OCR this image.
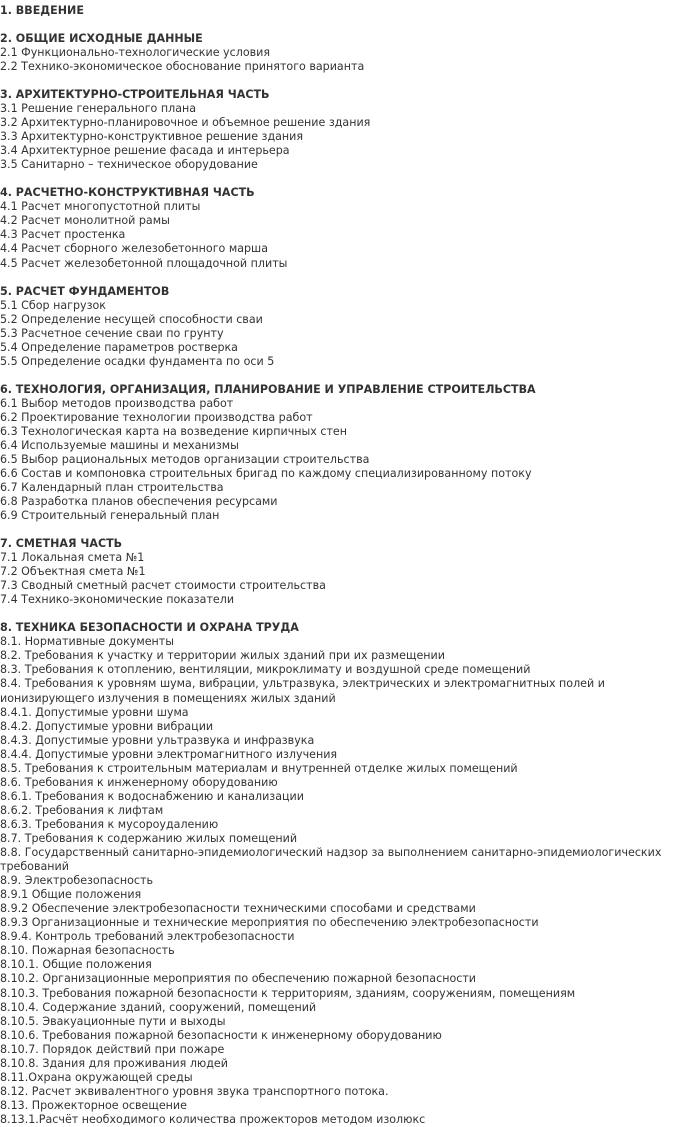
1. ВВЕДЕНИЕ
2. ОБЩИЕ ИСХОДНЫЕ ДАННЫЕ
2.1 Функционально-технологические условия
2.2 Технико-экономическое обоснование принятого варианта
3. АРХИТЕКТУРНО-СТРОИТЕЛЬНАЯ ЧАСТЬ
3.1 Решение генерального плана
3.2 Архитектурно-планировочное и объемное решение здания
3.3 Архитектурно-конструктивное решение здания
3.4 Архитектурное решение фасада и интерьера
3.5 Санитарно – техническое оборудование
4. РАСЧЕТНО-КОНСТРУКТИВНАЯ ЧАСТЬ
4.1 Расчет многопустотной плиты
4.2 Расчет монолитной рамы
4.3 Расчет простенка
4.4 Расчет сборного железобетонного марша
4.5 Расчет железобетонной площадочной плиты
5. РАСЧЕТ ФУНДАМЕНТОВ
5.1 Сбор нагрузок
5.2 Определение несущей способности сваи
5.3 Расчетное сечение сваи по грунту
5.4 Определение параметров ростверка
5.5 Определение осадки фундамента по оси 5
6. ТЕХНОЛОГИЯ, ОРГАНИЗАЦИЯ, ПЛАНИРОВАНИЕ И УПРАВЛЕНИЕ СТРОИТЕЛЬСТВА
6.1 Выбор методов производства работ
6.2 Проектирование технологии производства работ
6.3 Технологическая карта на возведение кирпичных стен
6.4 Используемые машины и механизмы
6.5 Выбор рациональных методов организации строительства
6.6 Состав и компоновка строительных бригад по каждому специализированному потоку
6.7 Календарный план строительства
6.8 Разработка планов обеспечения ресурсами
6.9 Строительный генеральный план
7. СМЕТНАЯ ЧАСТЬ
7.1 Локальная смета №1
7.2 Объектная смета №1
7.3 Сводный сметный расчет стоимости строительства
7.4 Технико-экономические показатели
8. ТЕХНИКА БЕЗОПАСНОСТИ И ОХРАНА ТРУДА
8.1. Нормативные документы
8.2. Требования к участку и территории жилых зданий при их размещении
8.3. Требования к отоплению, вентиляции, микроклимату и воздушной среде помещений
8.4. Требования к уровням шума, вибрации, ультразвука, электрических и электромагнитных полей и ионизирующего излучения в помещениях жилых зданий
8.4.1. Допустимые уровни шума
8.4.2. Допустимые уровни вибрации
8.4.3. Допустимые уровни ультразвука и инфразвука
8.4.4. Допустимые уровни электромагнитного излучения
8.5. Требования к строительным материалам и внутренней отделке жилых помещений
8.6. Требования к инженерному оборудованию
8.6.1. Требования к водоснабжению и канализации
8.6.2. Требования к лифтам
8.6.3. Требования к мусороудалению
8.7. Требования к содержанию жилых помещений
8.8. Государственный санитарно-эпидемиологический надзор за выполнением санитарно-эпидемиологических требований
8.9. Электробезопасность
8.9.1 Общие положения
8.9.2 Обеспечение электробезопасности техническими способами и средствами
8.9.3 Организационные и технические мероприятия по обеспечению электробезопасности
8.9.4. Контроль требований электробезопасности
8.10. Пожарная безопасность
8.10.1. Общие положения
8.10.2. Организационные мероприятия по обеспечению пожарной безопасности
8.10.3. Требования пожарной безопасности к территориям, зданиям, сооружениям, помещениям
8.10.4. Содержание зданий, сооружений, помещений
8.10.5. Эвакуационные пути и выходы
8.10.6. Требования пожарной безопасности к инженерному оборудованию
8.10.7. Порядок действий при пожаре
8.10.8. Здания для проживания людей
8.11.Охрана окружающей среды
8.12. Расчет эквивалентного уровня звука транспортного потока.
8.13. Прожекторное освещение
8.13.1.Расчёт необходимого количества прожекторов методом изолюкс
